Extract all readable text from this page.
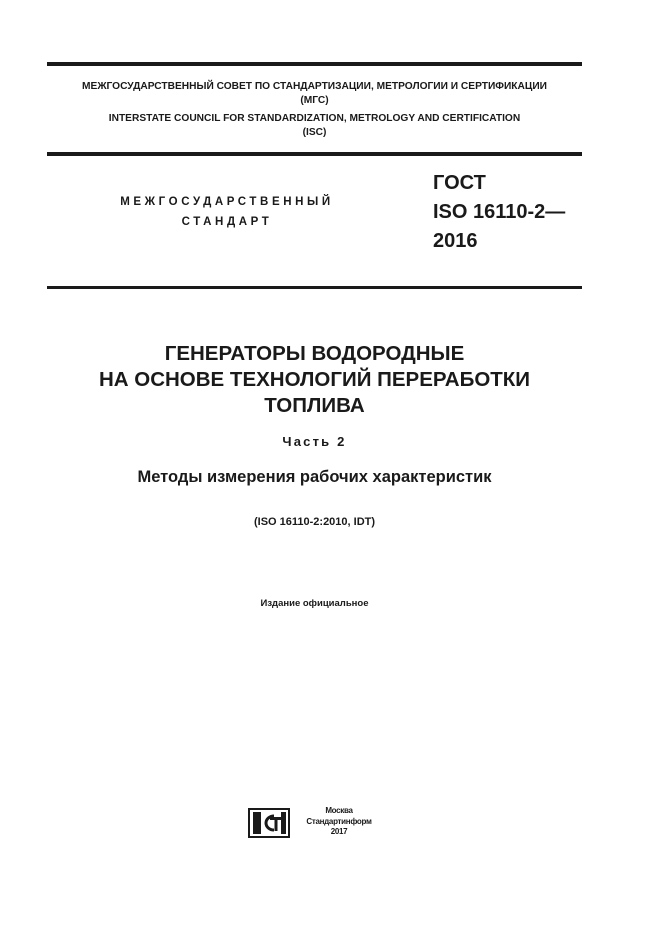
МЕЖГОСУДАРСТВЕННЫЙ СОВЕТ ПО СТАНДАРТИЗАЦИИ, МЕТРОЛОГИИ И СЕРТИФИКАЦИИ
(МГС)
INTERSTATE COUNCIL FOR STANDARDIZATION, METROLOGY AND CERTIFICATION
(ISC)
МЕЖГОСУДАРСТВЕННЫЙ
СТАНДАРТ
ГОСТ
ISO 16110-2—
2016
ГЕНЕРАТОРЫ ВОДОРОДНЫЕ
НА ОСНОВЕ ТЕХНОЛОГИЙ ПЕРЕРАБОТКИ
ТОПЛИВА
Часть 2
Методы измерения рабочих характеристик
(ISO 16110-2:2010, IDT)
Издание официальное
Москва
Стандартинформ
2017
